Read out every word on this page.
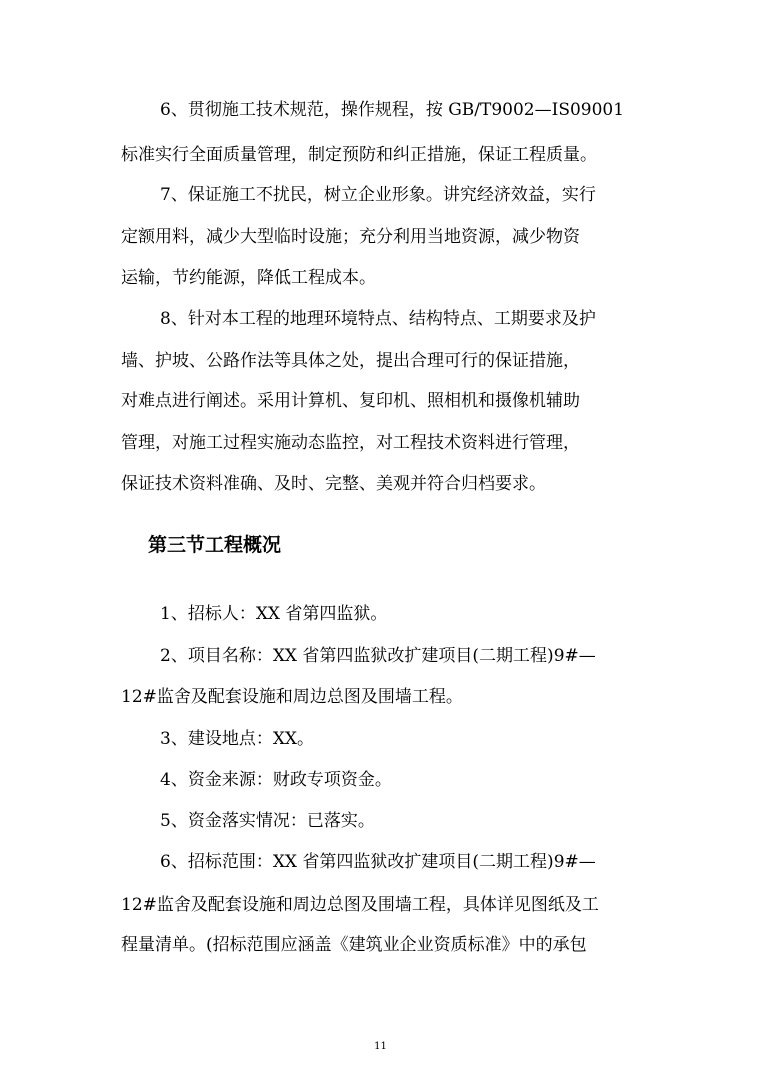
6、贯彻施工技术规范，操作规程，按 GB/T9002—IS09001
标准实行全面质量管理，制定预防和纠正措施，保证工程质量。
7、保证施工不扰民，树立企业形象。讲究经济效益，实行
定额用料，减少大型临时设施；充分利用当地资源，减少物资
运输，节约能源，降低工程成本。
8、针对本工程的地理环境特点、结构特点、工期要求及护
墙、护坡、公路作法等具体之处，提出合理可行的保证措施，
对难点进行阐述。采用计算机、复印机、照相机和摄像机辅助
管理，对施工过程实施动态监控，对工程技术资料进行管理，
保证技术资料准确、及时、完整、美观并符合归档要求。
第三节工程概况
1、招标人：XX 省第四监狱。
2、项目名称：XX 省第四监狱改扩建项目(二期工程)9#—
12#监舍及配套设施和周边总图及围墙工程。
3、建设地点：XX。
4、资金来源：财政专项资金。
5、资金落实情况：已落实。
6、招标范围：XX 省第四监狱改扩建项目(二期工程)9#—
12#监舍及配套设施和周边总图及围墙工程，具体详见图纸及工
程量清单。(招标范围应涵盖《建筑业企业资质标准》中的承包
11
